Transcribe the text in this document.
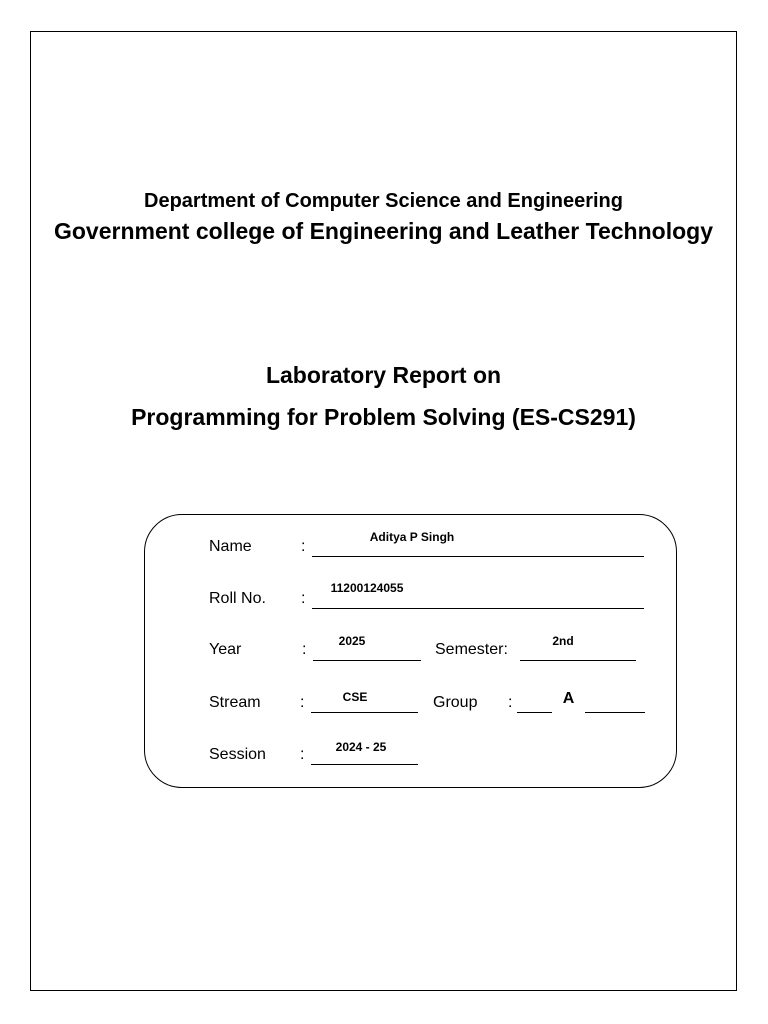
Department of Computer Science and Engineering
Government college of Engineering and Leather Technology
Laboratory Report on
Programming for Problem Solving (ES-CS291)
Name	:
Aditya P Singh
Roll No. :
11200124055
Year	:	2025	Semester:	2nd
Stream :	CSE	Group :	A
Session :	2024 - 25
